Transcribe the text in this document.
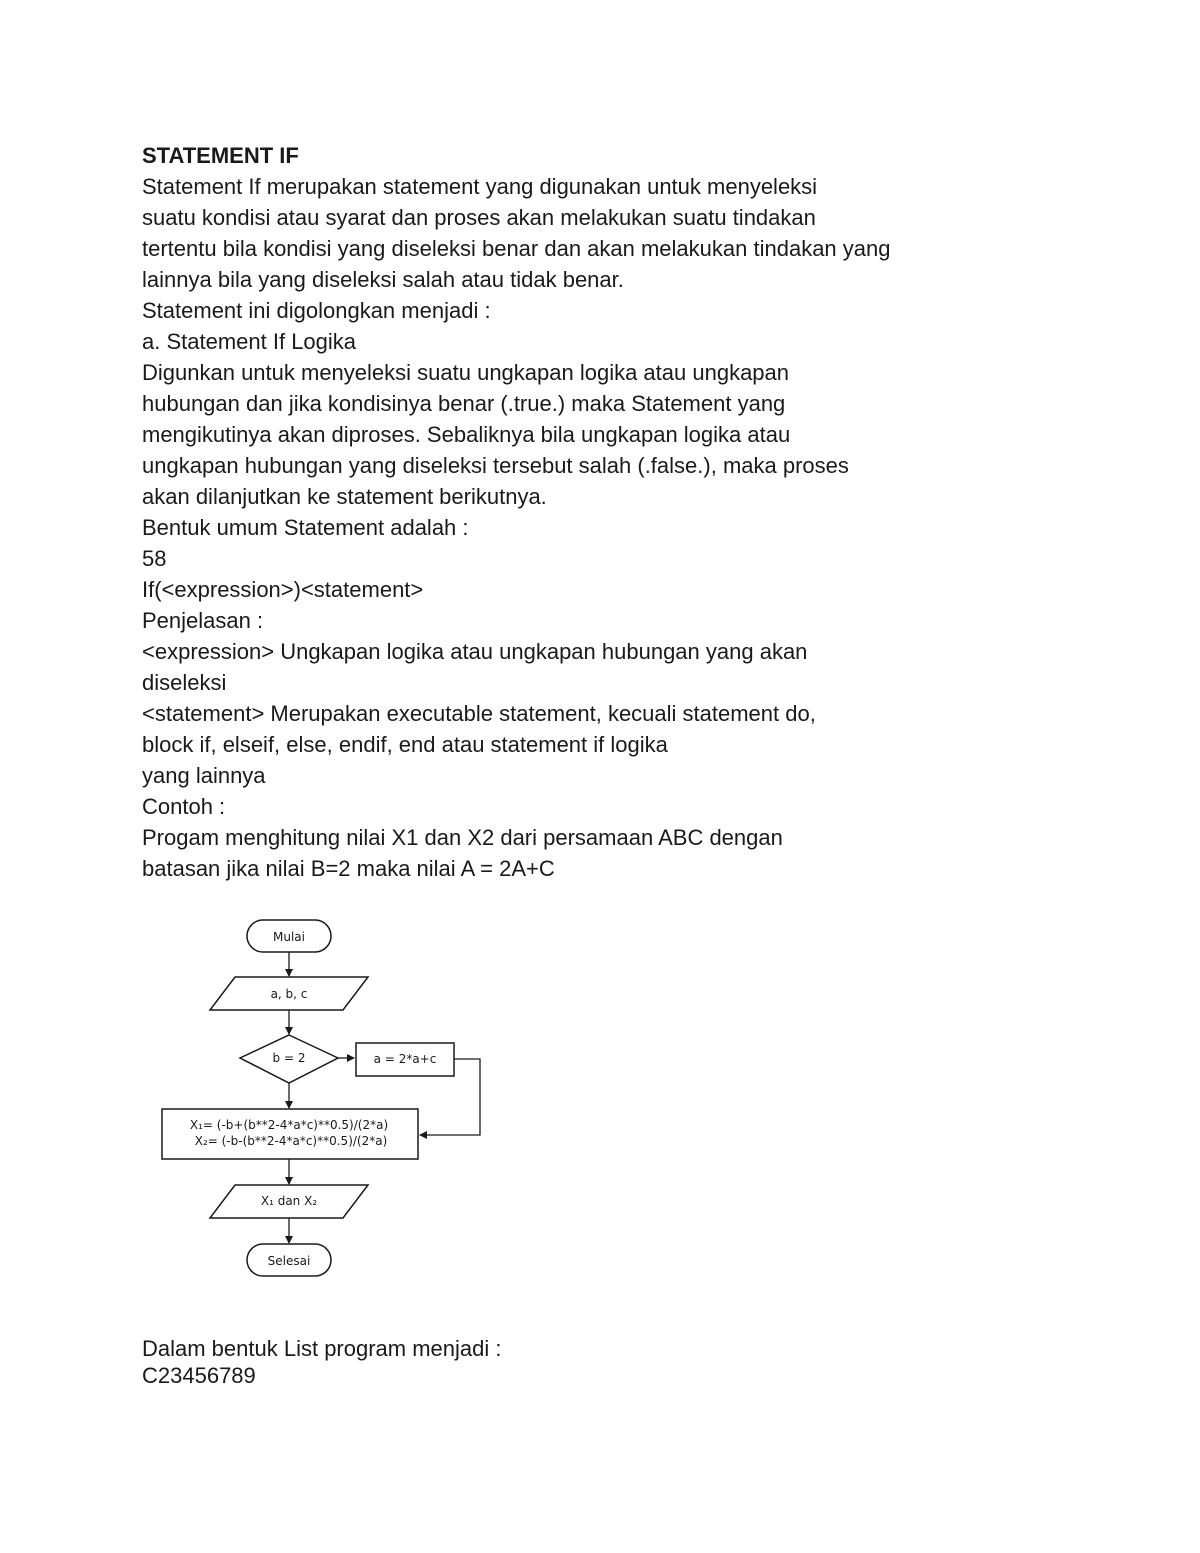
STATEMENT IF
Statement If merupakan statement yang digunakan untuk menyeleksi
suatu kondisi atau syarat dan proses akan melakukan suatu tindakan
tertentu bila kondisi yang diseleksi benar dan akan melakukan tindakan yang
lainnya bila yang diseleksi salah atau tidak benar.
Statement ini digolongkan menjadi :
a. Statement If Logika
Digunkan untuk menyeleksi suatu ungkapan logika atau ungkapan
hubungan dan jika kondisinya benar (.true.) maka Statement yang
mengikutinya akan diproses. Sebaliknya bila ungkapan logika atau
ungkapan hubungan yang diseleksi tersebut salah (.false.), maka proses
akan dilanjutkan ke statement berikutnya.
Bentuk umum Statement adalah :
58
If(<expression>)<statement>
Penjelasan :
<expression> Ungkapan logika atau ungkapan hubungan yang akan
diseleksi
<statement> Merupakan executable statement, kecuali statement do,
block if, elseif, else, endif, end atau statement if logika
yang lainnya
Contoh :
Progam menghitung nilai X1 dan X2 dari persamaan ABC dengan
batasan jika nilai B=2 maka nilai A = 2A+C
Mulai
a, b, c
b = 2	a = 2*a+c
X₁= (-b+(b**2-4*a*c)**0.5)/(2*a)
X₂= (-b-(b**2-4*a*c)**0.5)/(2*a)
X₁ dan X₂
Selesai
Dalam bentuk List program menjadi :
C23456789
